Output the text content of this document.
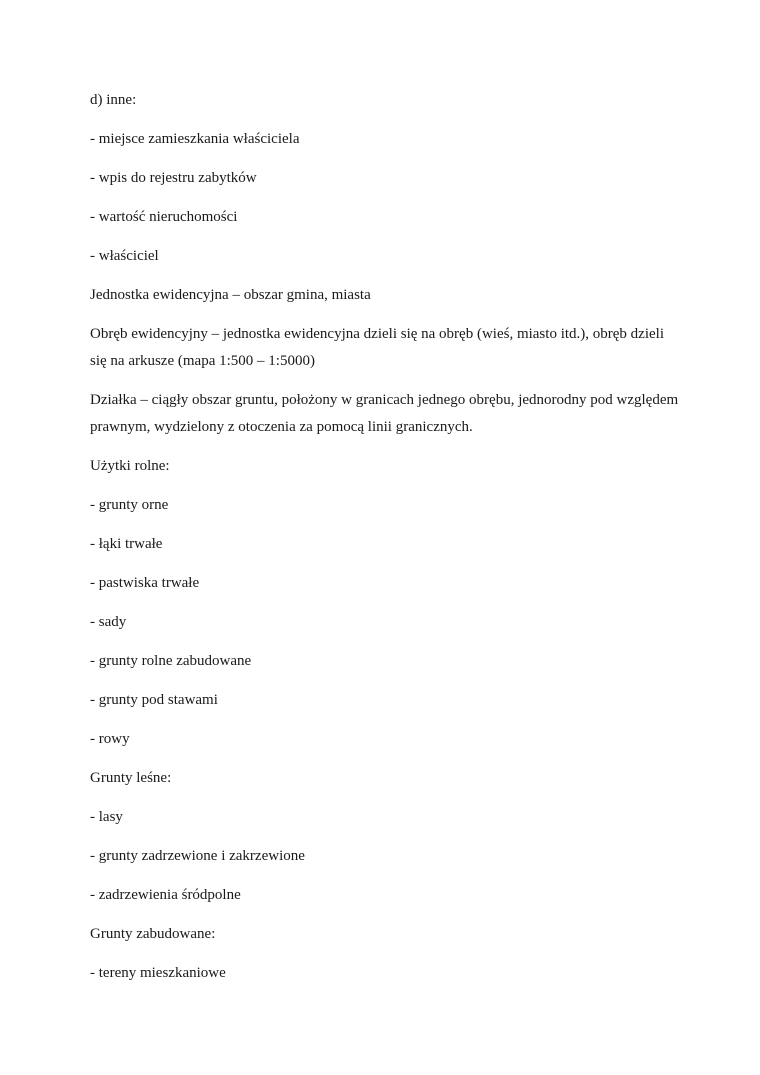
d) inne:

- miejsce zamieszkania właściciela

- wpis do rejestru zabytków

- wartość nieruchomości

- właściciel

Jednostka ewidencyjna – obszar gmina, miasta

Obręb ewidencyjny – jednostka ewidencyjna dzieli się na obręb (wieś, miasto itd.), obręb dzieli się na arkusze (mapa 1:500 – 1:5000)

Działka – ciągły obszar gruntu, położony w granicach jednego obrębu, jednorodny pod względem prawnym, wydzielony z otoczenia za pomocą linii granicznych.

Użytki rolne:

- grunty orne

- łąki trwałe

- pastwiska trwałe

- sady

- grunty rolne zabudowane

- grunty pod stawami

- rowy

Grunty leśne:

- lasy

- grunty zadrzewione i zakrzewione

- zadrzewienia śródpolne

Grunty zabudowane:

- tereny mieszkaniowe
